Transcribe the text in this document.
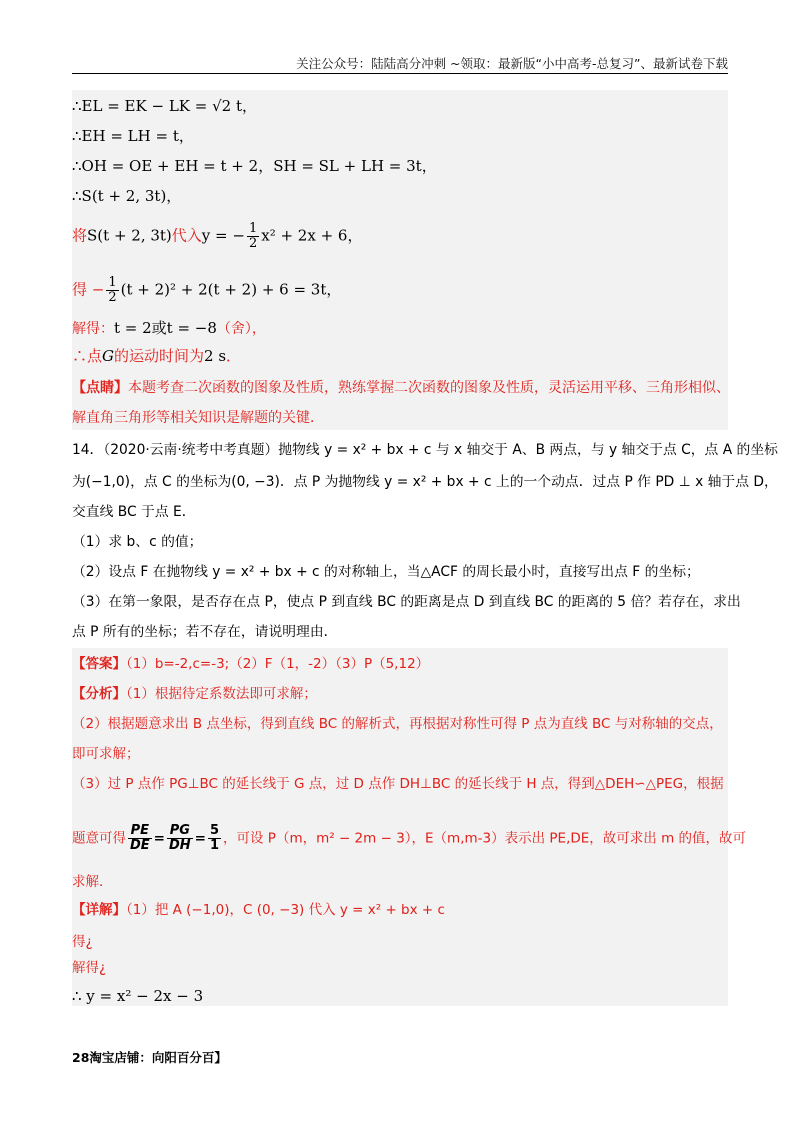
关注公众号：陆陆高分冲刺 ~领取：最新版“小中高考-总复习”、最新试卷下载
∴EL = EK − LK = √2 t，
∴EH = LH = t，
∴OH = OE + EH = t + 2，SH = SL + LH = 3t，
∴S(t + 2, 3t)，
将S(t + 2, 3t)代入y = − $\frac{1}{2} x^2 + 2x + 6$，
得 − $\frac{1}{2} (t + 2)^2 + 2(t + 2) + 6 = 3t$，
解得：t = 2或t = −8（舍），
∴点G的运动时间为2 s．
【点睛】本题考查二次函数的图象及性质，熟练掌握二次函数的图象及性质，灵活运用平移、三角形相似、
解直角三角形等相关知识是解题的关键．
14．（2020·云南·统考中考真题）抛物线 y = x² + bx + c 与 x 轴交于 A、B 两点，与 y 轴交于点 C，点 A 的坐标
为(−1,0)，点 C 的坐标为(0, −3)．点 P 为抛物线 y = x² + bx + c 上的一个动点．过点 P 作 PD ⊥ x 轴于点 D，
交直线 BC 于点 E．
（1）求 b、c 的值；
（2）设点 F 在抛物线 y = x² + bx + c 的对称轴上，当△ACF 的周长最小时，直接写出点 F 的坐标；
（3）在第一象限，是否存在点 P，使点 P 到直线 BC 的距离是点 D 到直线 BC 的距离的 5 倍？若存在，求出
点 P 所有的坐标；若不存在，请说明理由．
【答案】（1）b=-2,c=-3;（2）F（1，-2）（3）P（5,12）
【分析】（1）根据待定系数法即可求解；
（2）根据题意求出 B 点坐标，得到直线 BC 的解析式，再根据对称性可得 P 点为直线 BC 与对称轴的交点，
即可求解；
（3）过 P 点作 PG⊥BC 的延长线于 G 点，过 D 点作 DH⊥BC 的延长线于 H 点，得到△DEH∽△PEG，根据
题意可得 $\frac{PE}{DE} = \frac{PG}{DH} = \frac{5}{1}$ ，可设 P（m，m² − 2m − 3），E（m,m-3）表示出 PE,DE，故可求出 m 的值，故可
求解．
【详解】（1）把 A (−1,0)，C (0, −3) 代入 y = x² + bx + c
得¿
解得¿
∴ y = x² − 2x − 3
28淘宝店铺：向阳百分百】
